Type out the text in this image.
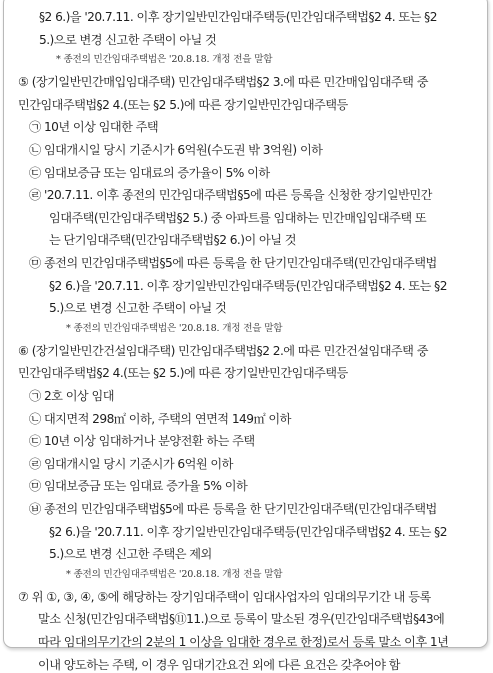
§2 6.)을 '20.7.11. 이후 장기일반민간임대주택등(민간임대주택법§2 4. 또는 §2
5.)으로 변경 신고한 주택이 아닐 것
* 종전의 민간임대주택법은 '20.8.18. 개정 전을 말함
⑤ (장기일반민간매입임대주택) 민간임대주택법§2 3.에 따른 민간매입임대주택 중
민간임대주택법§2 4.(또는 §2 5.)에 따른 장기일반민간임대주택등
㉠ 10년 이상 임대한 주택
㉡ 임대개시일 당시 기준시가 6억원(수도권 밖 3억원) 이하
㉢ 임대보증금 또는 임대료의 증가율이 5% 이하
㉣ '20.7.11. 이후 종전의 민간임대주택법§5에 따른 등록을 신청한 장기일반민간
임대주택(민간임대주택법§2 5.) 중 아파트를 임대하는 민간매입임대주택 또
는 단기임대주택(민간임대주택법§2 6.)이 아닐 것
㉤ 종전의 민간임대주택법§5에 따른 등록을 한 단기민간임대주택(민간임대주택법
§2 6.)을 '20.7.11. 이후 장기일반민간임대주택등(민간임대주택법§2 4. 또는 §2
5.)으로 변경 신고한 주택이 아닐 것
* 종전의 민간임대주택법은 '20.8.18. 개정 전을 말함
⑥ (장기일반민간건설임대주택) 민간임대주택법§2 2.에 따른 민간건설임대주택 중
민간임대주택법§2 4.(또는 §2 5.)에 따른 장기일반민간임대주택등
㉠ 2호 이상 임대
㉡ 대지면적 298㎡ 이하, 주택의 연면적 149㎡ 이하
㉢ 10년 이상 임대하거나 분양전환 하는 주택
㉣ 임대개시일 당시 기준시가 6억원 이하
㉤ 임대보증금 또는 임대료 증가율 5% 이하
㉥ 종전의 민간임대주택법§5에 따른 등록을 한 단기민간임대주택(민간임대주택법
§2 6.)을 '20.7.11. 이후 장기일반민간임대주택등(민간임대주택법§2 4. 또는 §2
5.)으로 변경 신고한 주택은 제외
* 종전의 민간임대주택법은 '20.8.18. 개정 전을 말함
⑦ 위 ①, ③, ④, ⑤에 해당하는 장기임대주택이 임대사업자의 임대의무기간 내 등록
말소 신청(민간임대주택법§⑪11.)으로 등록이 말소된 경우(민간임대주택법§43에
따라 임대의무기간의 2분의 1 이상을 임대한 경우로 한정)로서 등록 말소 이후 1년
이내 양도하는 주택, 이 경우 임대기간요건 외에 다른 요건은 갖추어야 함
